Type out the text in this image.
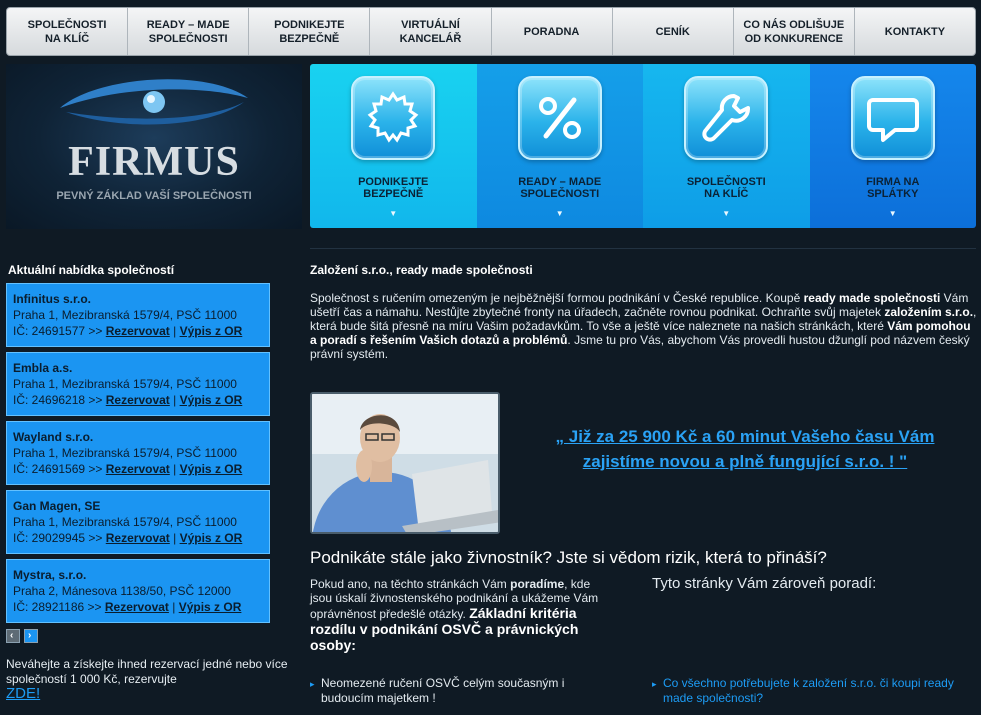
SPOLEČNOSTI
NA KLÍČ
READY – MADE
SPOLEČNOSTI
PODNIKEJTE
BEZPEČNĚ
VIRTUÁLNÍ
KANCELÁŘ
PORADNA	CENÍK
CO NÁS ODLIŠUJE
OD KONKURENCE
KONTAKTY
FIRMUS
PEVNÝ ZÁKLAD VAŠÍ SPOLEČNOSTI
PODNIKEJTE
BEZPEČNĚ
▼
READY – MADE
SPOLEČNOSTI
▼
SPOLEČNOSTI
NA KLÍČ
▼
FIRMA NA
SPLÁTKY
▼
Aktuální nabídka společností
Infinitus s.r.o.
Praha 1, Mezibranská 1579/4, PSČ 11000
IČ: 24691577 >> Rezervovat | Výpis z OR
Embla a.s.
Praha 1, Mezibranská 1579/4, PSČ 11000
IČ: 24696218 >> Rezervovat | Výpis z OR
Wayland s.r.o.
Praha 1, Mezibranská 1579/4, PSČ 11000
IČ: 24691569 >> Rezervovat | Výpis z OR
Gan Magen, SE
Praha 1, Mezibranská 1579/4, PSČ 11000
IČ: 29029945 >> Rezervovat | Výpis z OR
Mystra, s.r.o.
Praha 2, Mánesova 1138/50, PSČ 12000
IČ: 28921186 >> Rezervovat | Výpis z OR
‹ ›
Neváhejte a získejte ihned rezervací jedné nebo více společností 1 000 Kč, rezervujte
ZDE!
Založení s.r.o., ready made společnosti
Společnost s ručením omezeným je nejběžnější formou podnikání v České republice. Koupě ready made společnosti Vám ušetří čas a námahu. Nestůjte zbytečné fronty na úřadech, začněte rovnou podnikat. Ochraňte svůj majetek založením s.r.o., která bude šitá přesně na míru Vašim požadavkům. To vše a ještě více naleznete na našich stránkách, které Vám pomohou a poradí s řešením Vašich dotazů a problémů. Jsme tu pro Vás, abychom Vás provedli hustou džunglí pod názvem český právní systém.
„ Již za 25 900 Kč a 60 minut Vašeho času Vám zajistíme novou a plně fungující s.r.o. ! "
Podnikáte stále jako živnostník? Jste si vědom rizik, která to přináší?
Pokud ano, na těchto stránkách Vám poradíme, kde jsou úskalí živnostenského podnikání a ukážeme Vám oprávněnost předešlé otázky. Základní kritéria rozdílu v podnikání OSVČ a právnických osoby:
Tyto stránky Vám zároveň poradí:
▸ Neomezené ručení OSVČ celým současným i budoucím majetkem !
▸ Co všechno potřebujete k založení s.r.o. či koupi ready made společnosti?
